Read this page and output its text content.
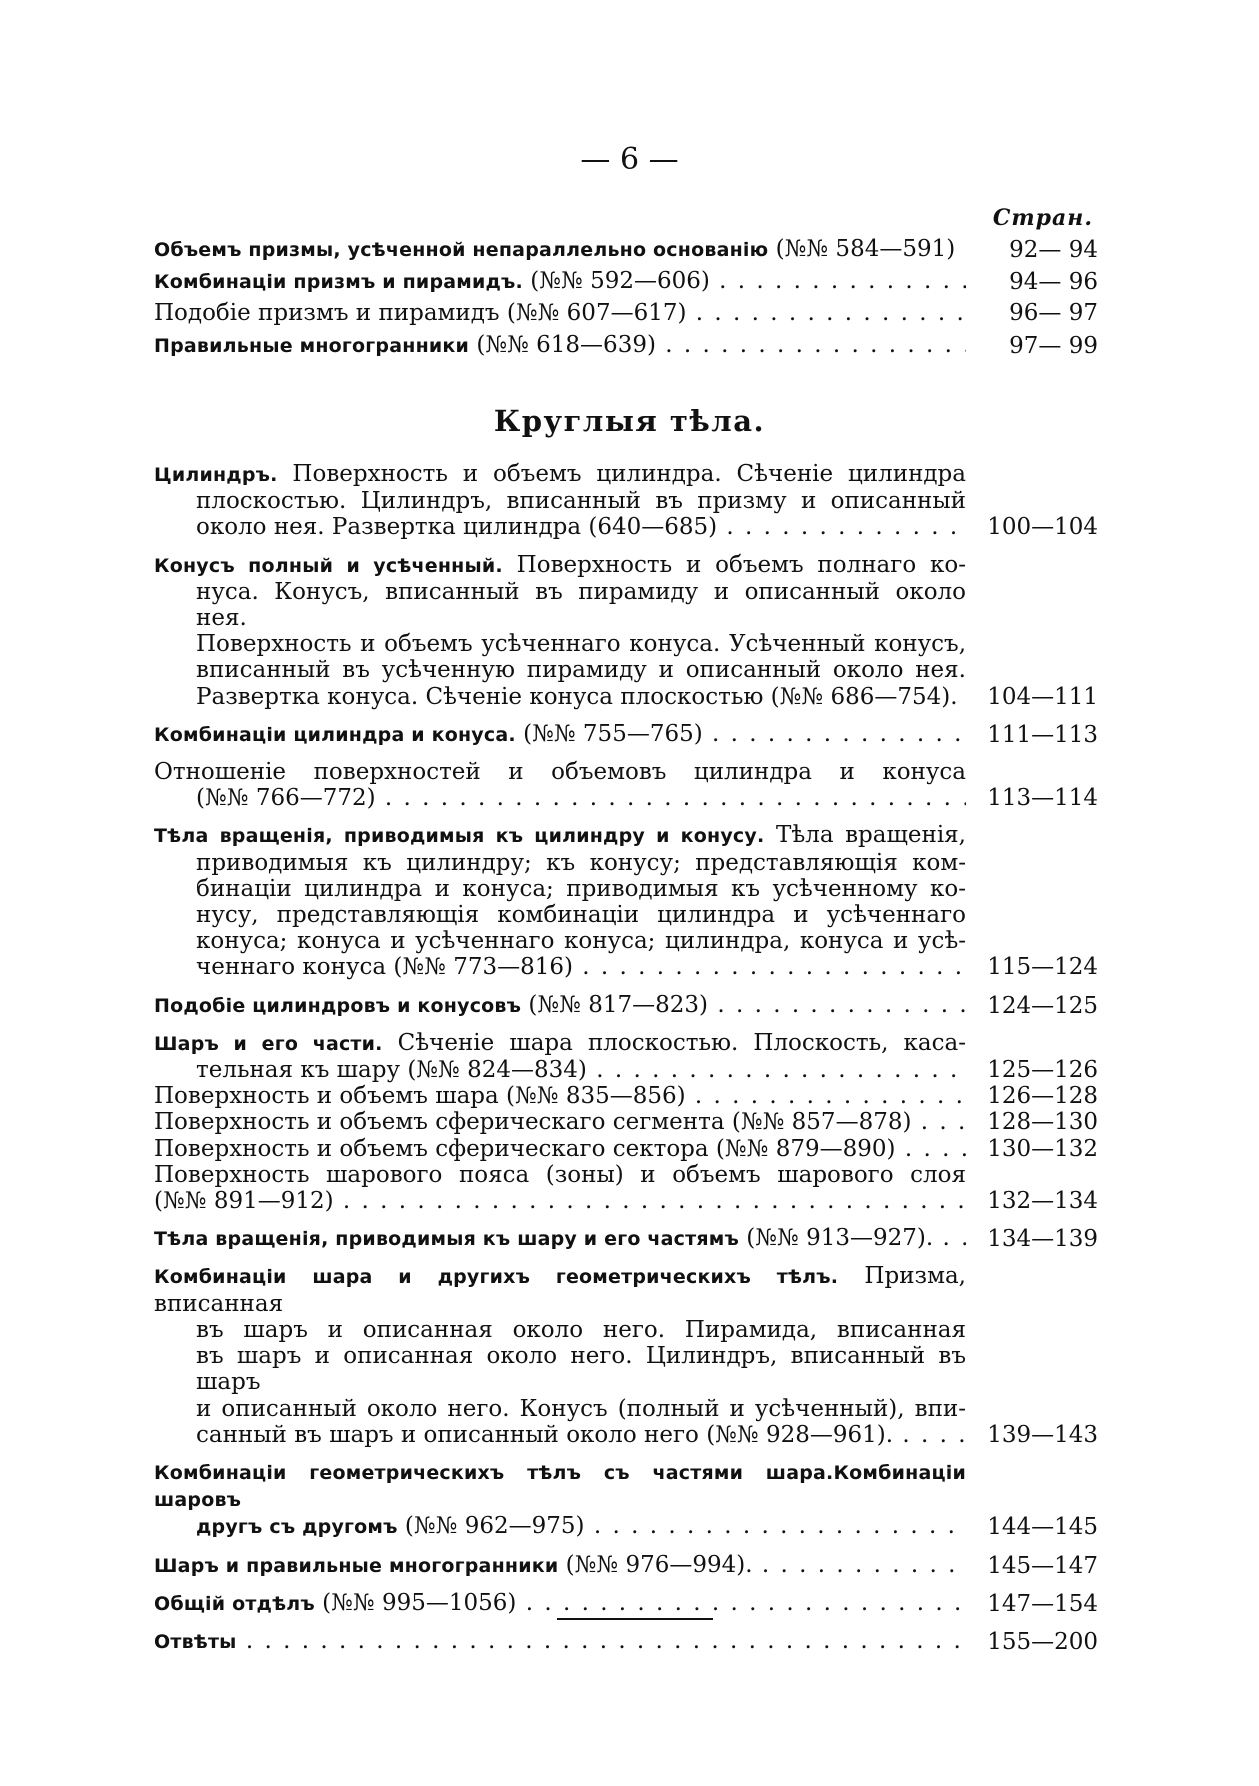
— 6 —
Стран.
Объемъ призмы, усѣченной непараллельно основанію (№№ 584—591) . . .	92— 94
Комбинаціи призмъ и пирамидъ. (№№ 592—606) . . .	94— 96
Подобіе призмъ и пирамидъ (№№ 607—617) . . .	96— 97
Правильные многогранники (№№ 618—639) . . .	97— 99
Круглыя тѣла.
Цилиндръ. Поверхность и объемъ цилиндра. Сѣченіе цилиндра
плоскостью. Цилиндръ, вписанный въ призму и описанный
около нея. Развертка цилиндра (640—685) . . .	100—104
Конусъ полный и усѣченный. Поверхность и объемъ полнаго ко-
нуса. Конусъ, вписанный въ пирамиду и описанный около нея.
Поверхность и объемъ усѣченнаго конуса. Усѣченный конусъ,
вписанный въ усѣченную пирамиду и описанный около нея.
Развертка конуса. Сѣченіе конуса плоскостью (№№ 686—754). . . .	104—111
Комбинаціи цилиндра и конуса. (№№ 755—765) . . .	111—113
Отношеніе поверхностей и объемовъ цилиндра и конуса
(№№ 766—772) . . .	113—114
Тѣла вращенія, приводимыя къ цилиндру и конусу. Тѣла вращенія,
приводимыя къ цилиндру; къ конусу; представляющія ком-
бинаціи цилиндра и конуса; приводимыя къ усѣченному ко-
нусу, представляющія комбинаціи цилиндра и усѣченнаго
конуса; конуса и усѣченнаго конуса; цилиндра, конуса и усѣ-
ченнаго конуса (№№ 773—816) . . .	115—124
Подобіе цилиндровъ и конусовъ (№№ 817—823) . . .	124—125
Шаръ и его части. Сѣченіе шара плоскостью. Плоскость, каса-
тельная къ шару (№№ 824—834) . . .	125—126
Поверхность и объемъ шара (№№ 835—856) . . .	126—128
Поверхность и объемъ сферическаго сегмента (№№ 857—878) . . .	128—130
Поверхность и объемъ сферическаго сектора (№№ 879—890) . . .	130—132
Поверхность шарового пояса (зоны) и объемъ шарового слоя
(№№ 891—912) . . .	132—134
Тѣла вращенія, приводимыя къ шару и его частямъ (№№ 913—927). . . .	134—139
Комбинаціи шара и другихъ геометрическихъ тѣлъ. Призма, вписанная
въ шаръ и описанная около него. Пирамида, вписанная
въ шаръ и описанная около него. Цилиндръ, вписанный въ шаръ
и описанный около него. Конусъ (полный и усѣченный), впи-
санный въ шаръ и описанный около него (№№ 928—961). . . .	139—143
Комбинаціи геометрическихъ тѣлъ съ частями шара.Комбинаціи шаровъ
другъ съ другомъ (№№ 962—975) . . .	144—145
Шаръ и правильные многогранники (№№ 976—994). . . .	145—147
Общій отдѣлъ (№№ 995—1056) . . .	147—154
Отвѣты . . .	155—200
